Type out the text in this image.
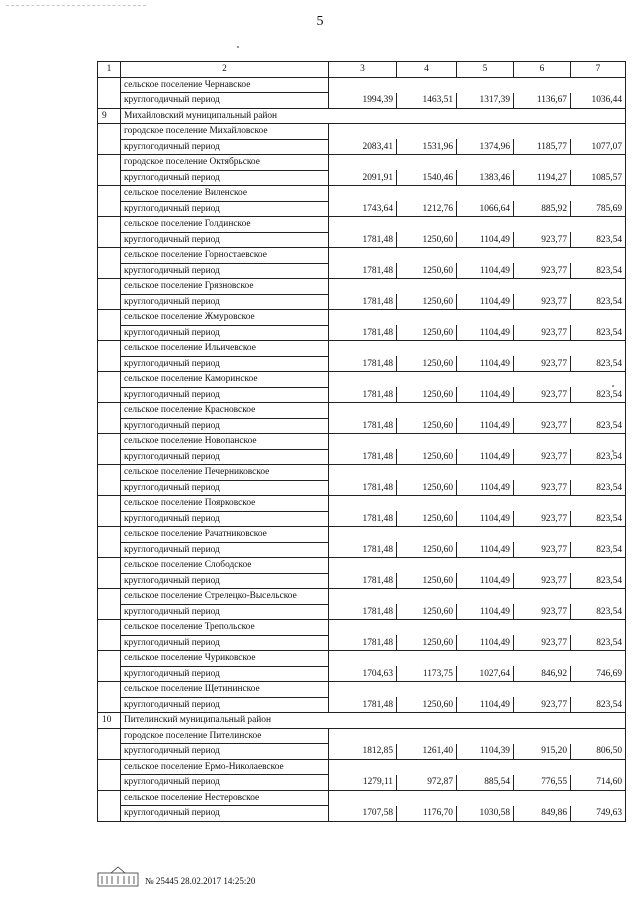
5
1	2	3	4	5	6	7
	сельское поселение Чернавское					
	круглогодичный период	1994,39	1463,51	1317,39	1136,67	1036,44
9	Михайловский муниципальный район					
	городское поселение Михайловское					
	круглогодичный период	2083,41	1531,96	1374,96	1185,77	1077,07
	городское поселение Октябрьское					
	круглогодичный период	2091,91	1540,46	1383,46	1194,27	1085,57
	сельское поселение Виленское					
	круглогодичный период	1743,64	1212,76	1066,64	885,92	785,69
	сельское поселение Голдинское					
	круглогодичный период	1781,48	1250,60	1104,49	923,77	823,54
	сельское поселение Горностаевское					
	круглогодичный период	1781,48	1250,60	1104,49	923,77	823,54
	сельское поселение Грязновское					
	круглогодичный период	1781,48	1250,60	1104,49	923,77	823,54
	сельское поселение Жмуровское					
	круглогодичный период	1781,48	1250,60	1104,49	923,77	823,54
	сельское поселение Ильичевское					
	круглогодичный период	1781,48	1250,60	1104,49	923,77	823,54
	сельское поселение Каморинское					
	круглогодичный период	1781,48	1250,60	1104,49	923,77	823,54
	сельское поселение Красновское					
	круглогодичный период	1781,48	1250,60	1104,49	923,77	823,54
	сельское поселение Новопанское					
	круглогодичный период	1781,48	1250,60	1104,49	923,77	823,54
	сельское поселение Печерниковское					
	круглогодичный период	1781,48	1250,60	1104,49	923,77	823,54
	сельское поселение Поярковское					
	круглогодичный период	1781,48	1250,60	1104,49	923,77	823,54
	сельское поселение Рачатниковское					
	круглогодичный период	1781,48	1250,60	1104,49	923,77	823,54
	сельское поселение Слободское					
	круглогодичный период	1781,48	1250,60	1104,49	923,77	823,54
	сельское поселение Стрелецко-Высельское					
	круглогодичный период	1781,48	1250,60	1104,49	923,77	823,54
	сельское поселение Трепольское					
	круглогодичный период	1781,48	1250,60	1104,49	923,77	823,54
	сельское поселение Чуриковское					
	круглогодичный период	1704,63	1173,75	1027,64	846,92	746,69
	сельское поселение Щетининское					
	круглогодичный период	1781,48	1250,60	1104,49	923,77	823,54
10	Пителинский муниципальный район					
	городское поселение Пителинское					
	круглогодичный период	1812,85	1261,40	1104,39	915,20	806,50
	сельское поселение Ермо-Николаевское					
	круглогодичный период	1279,11	972,87	885,54	776,55	714,60
	сельское поселение Нестеровское					
	круглогодичный период	1707,58	1176,70	1030,58	849,86	749,63
№ 25445 28.02.2017 14:25:20
